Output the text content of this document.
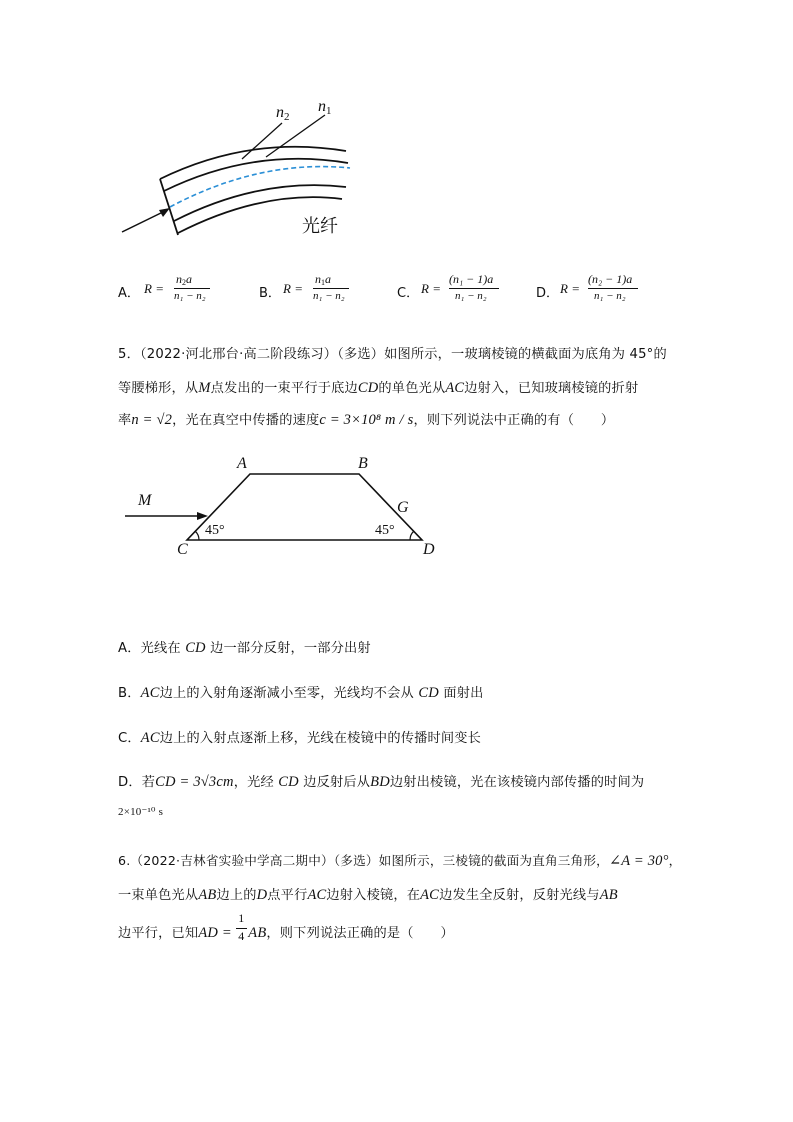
n2
n1
光纤
A． R =
n2a
n₁ − n₂	B． R =
n1a
n₁ − n₂	C． R =
(n₁ − 1)a
n₁ − n₂	D． R =
(n₂ − 1)a
n₁ − n₂
5．（2022·河北邢台·高二阶段练习）（多选）如图所示，一玻璃棱镜的横截面为底角为 45°的
等腰梯形，从M点发出的一束平行于底边CD的单色光从AC边射入，已知玻璃棱镜的折射
率n = √2，光在真空中传播的速度c = 3×10⁸ m / s，则下列说法中正确的有（　　）
A	B
C	D
G
M
45°	45°
A．光线在 CD 边一部分反射，一部分出射
B．AC边上的入射角逐渐减小至零，光线均不会从 CD 面射出
C．AC边上的入射点逐渐上移，光线在棱镜中的传播时间变长
D．若CD = 3√3cm，光经 CD 边反射后从BD边射出棱镜，光在该棱镜内部传播的时间为
2×10⁻¹⁰ s
6.（2022·吉林省实验中学高二期中）（多选）如图所示，三棱镜的截面为直角三角形，∠A = 30°，
一束单色光从AB边上的D点平行AC边射入棱镜，在AC边发生全反射，反射光线与AB
边平行，已知AD = $\frac{1}{4}$ AB，则下列说法正确的是（　　）
